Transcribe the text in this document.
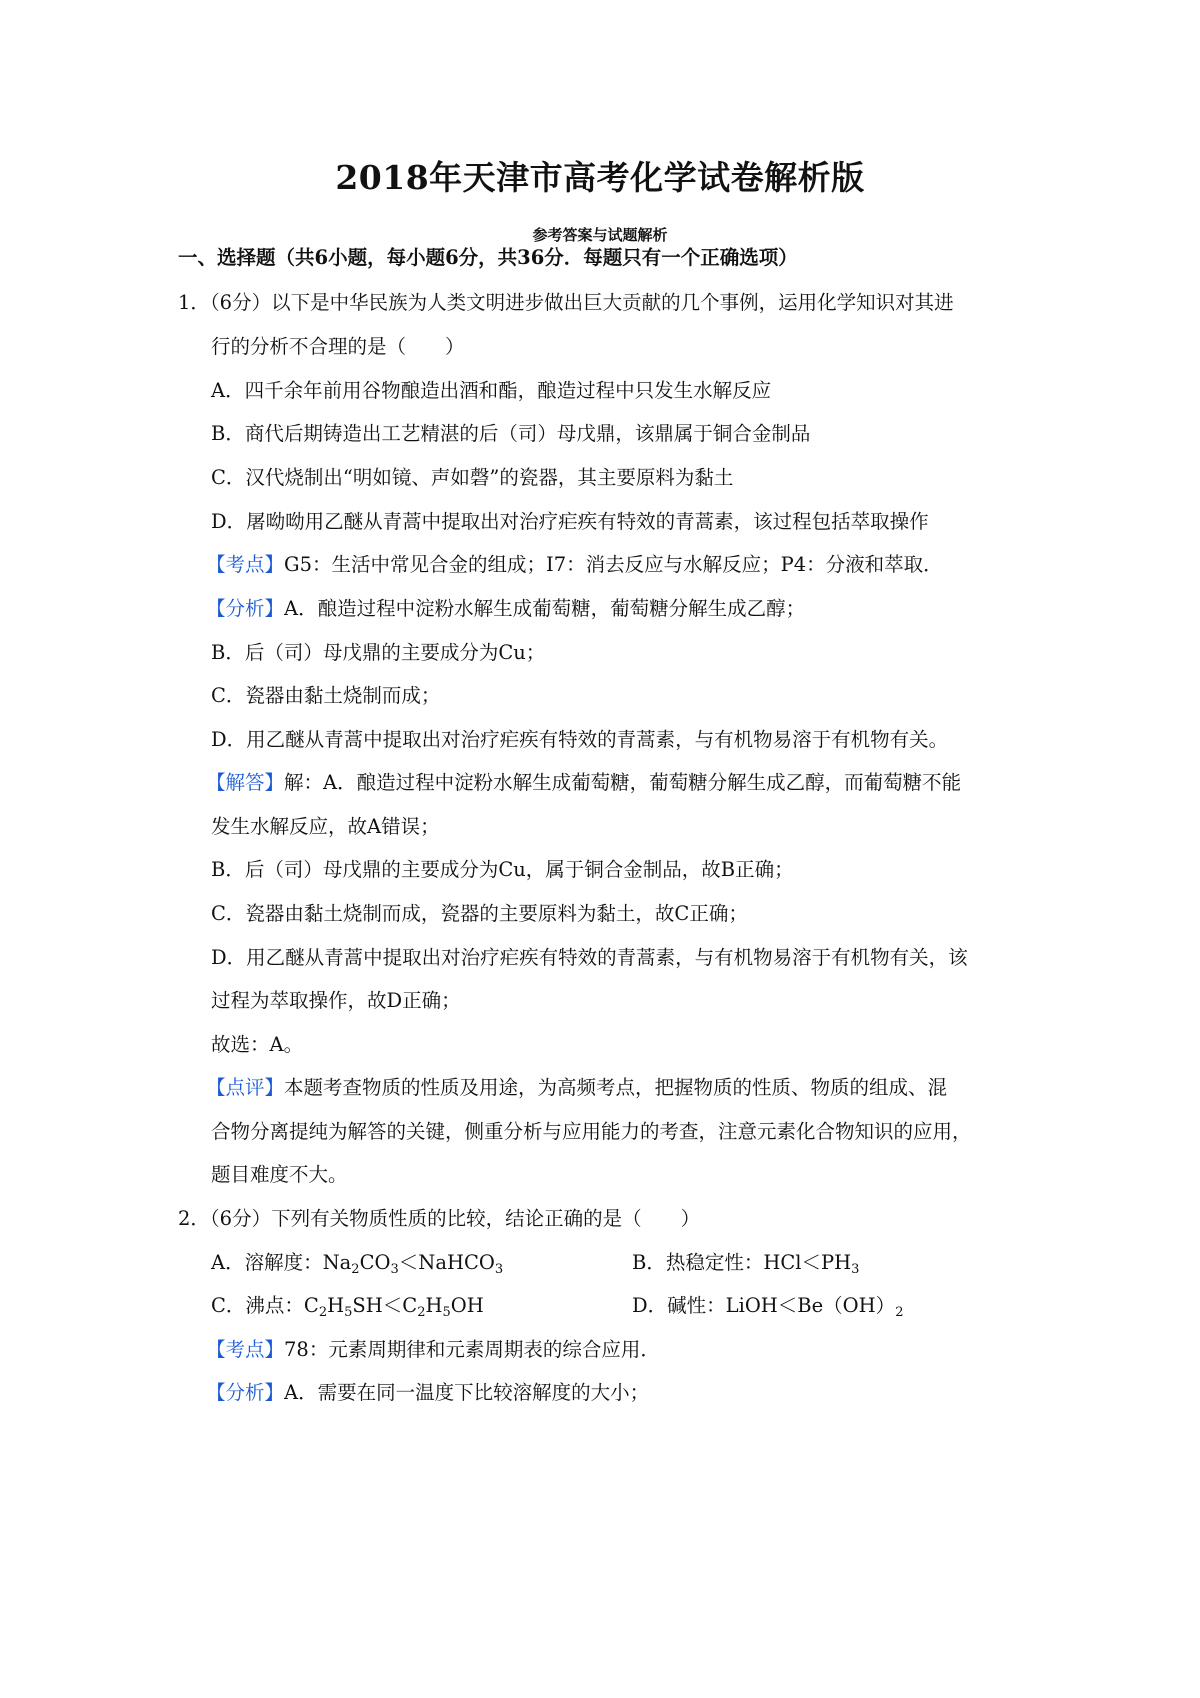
2018年天津市高考化学试卷解析版
参考答案与试题解析
一、选择题（共6小题，每小题6分，共36分．每题只有一个正确选项）
1．（6分）以下是中华民族为人类文明进步做出巨大贡献的几个事例，运用化学知识对其进
行的分析不合理的是（　　）
A．四千余年前用谷物酿造出酒和酯，酿造过程中只发生水解反应
B．商代后期铸造出工艺精湛的后（司）母戊鼎，该鼎属于铜合金制品
C．汉代烧制出“明如镜、声如磬”的瓷器，其主要原料为黏土
D．屠呦呦用乙醚从青蒿中提取出对治疗疟疾有特效的青蒿素，该过程包括萃取操作
【考点】G5：生活中常见合金的组成；I7：消去反应与水解反应；P4：分液和萃取．
【分析】A．酿造过程中淀粉水解生成葡萄糖，葡萄糖分解生成乙醇；
B．后（司）母戊鼎的主要成分为Cu；
C．瓷器由黏土烧制而成；
D．用乙醚从青蒿中提取出对治疗疟疾有特效的青蒿素，与有机物易溶于有机物有关。
【解答】解：A．酿造过程中淀粉水解生成葡萄糖，葡萄糖分解生成乙醇，而葡萄糖不能
发生水解反应，故A错误；
B．后（司）母戊鼎的主要成分为Cu，属于铜合金制品，故B正确；
C．瓷器由黏土烧制而成，瓷器的主要原料为黏土，故C正确；
D．用乙醚从青蒿中提取出对治疗疟疾有特效的青蒿素，与有机物易溶于有机物有关，该
过程为萃取操作，故D正确；
故选：A。
【点评】本题考查物质的性质及用途，为高频考点，把握物质的性质、物质的组成、混
合物分离提纯为解答的关键，侧重分析与应用能力的考查，注意元素化合物知识的应用，
题目难度不大。
2．（6分）下列有关物质性质的比较，结论正确的是（　　）
A．溶解度：$Na_2CO_3<NaHCO_3$	B．热稳定性：$HCl<PH_3$
C．沸点：$C_2H_5SH<C_2H_5OH$	D．碱性：$LiOH<Be(OH)_2$
【考点】78：元素周期律和元素周期表的综合应用．
【分析】A．需要在同一温度下比较溶解度的大小；
